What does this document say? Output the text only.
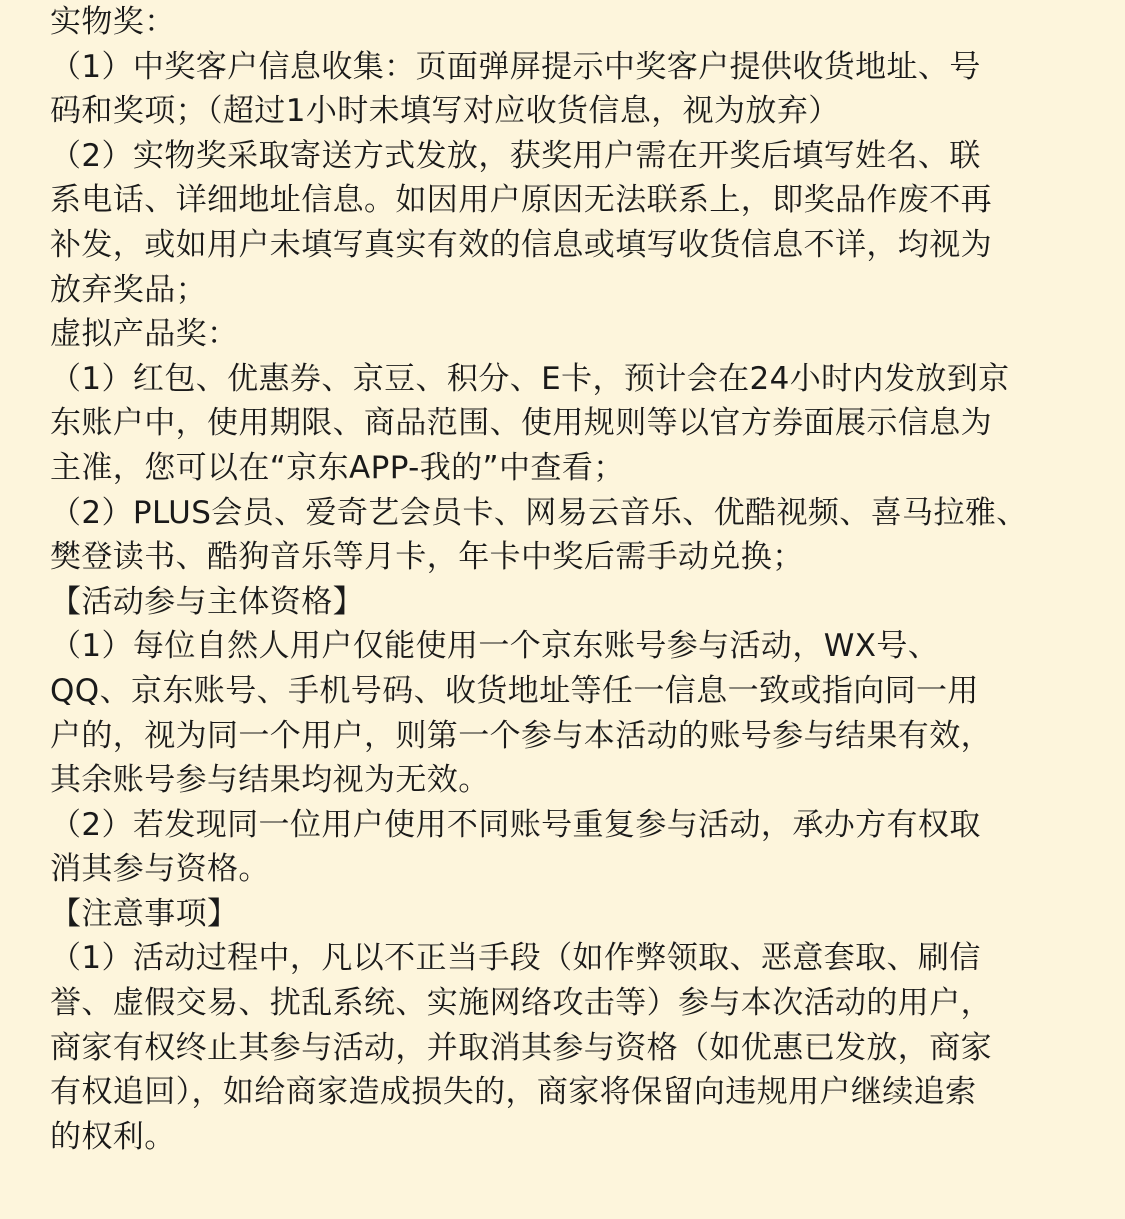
实物奖：
（1）中奖客户信息收集：页面弹屏提示中奖客户提供收货地址、号
码和奖项；（超过1小时未填写对应收货信息，视为放弃）
（2）实物奖采取寄送方式发放，获奖用户需在开奖后填写姓名、联
系电话、详细地址信息。如因用户原因无法联系上，即奖品作废不再
补发，或如用户未填写真实有效的信息或填写收货信息不详，均视为
放弃奖品；
虚拟产品奖：
（1）红包、优惠券、京豆、积分、E卡，预计会在24小时内发放到京
东账户中，使用期限、商品范围、使用规则等以官方券面展示信息为
主准，您可以在“京东APP-我的”中查看；
（2）PLUS会员、爱奇艺会员卡、网易云音乐、优酷视频、喜马拉雅、
樊登读书、酷狗音乐等月卡，年卡中奖后需手动兑换；
【活动参与主体资格】
（1）每位自然人用户仅能使用一个京东账号参与活动，WX号、
QQ、京东账号、手机号码、收货地址等任一信息一致或指向同一用
户的，视为同一个用户，则第一个参与本活动的账号参与结果有效，
其余账号参与结果均视为无效。
（2）若发现同一位用户使用不同账号重复参与活动，承办方有权取
消其参与资格。
【注意事项】
（1）活动过程中，凡以不正当手段（如作弊领取、恶意套取、刷信
誉、虚假交易、扰乱系统、实施网络攻击等）参与本次活动的用户，
商家有权终止其参与活动，并取消其参与资格（如优惠已发放，商家
有权追回），如给商家造成损失的，商家将保留向违规用户继续追索
的权利。
